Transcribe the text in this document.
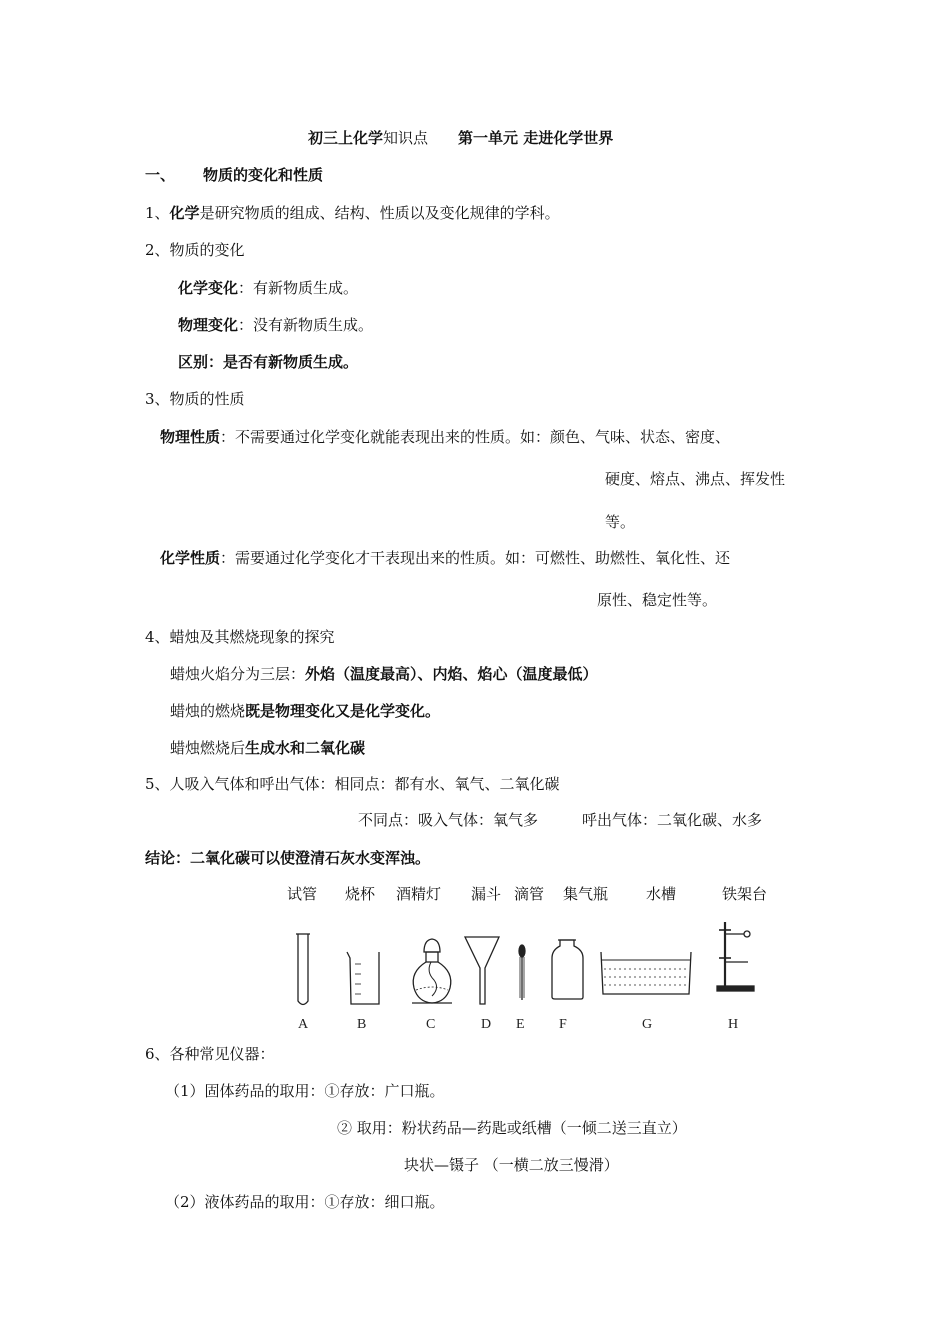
初三上化学知识点 第一单元 走进化学世界
一、 物质的变化和性质
1、化学是研究物质的组成、结构、性质以及变化规律的学科。
2、物质的变化
化学变化：有新物质生成。
物理变化：没有新物质生成。
区别：是否有新物质生成。
3、物质的性质
物理性质：不需要通过化学变化就能表现出来的性质。如：颜色、气味、状态、密度、
硬度、熔点、沸点、挥发性
等。
化学性质：需要通过化学变化才干表现出来的性质。如：可燃性、助燃性、氧化性、还
原性、稳定性等。
4、蜡烛及其燃烧现象的探究
蜡烛火焰分为三层：外焰（温度最高）、内焰、焰心（温度最低）
蜡烛的燃烧既是物理变化又是化学变化。
蜡烛燃烧后生成水和二氧化碳
5、人吸入气体和呼出气体：相同点：都有水、氧气、二氧化碳
不同点：吸入气体：氧气多	呼出气体：二氧化碳、水多
结论：二氧化碳可以使澄清石灰水变浑浊。
试管 烧杯 酒精灯 漏斗 滴管 集气瓶	水槽	铁架台
A	B	C	D E F	G	H
6、各种常见仪器：
（1）固体药品的取用：①存放：广口瓶。
② 取用：粉状药品—药匙或纸槽（一倾二送三直立）
块状—镊子 （一横二放三慢滑）
（2）液体药品的取用：①存放：细口瓶。
